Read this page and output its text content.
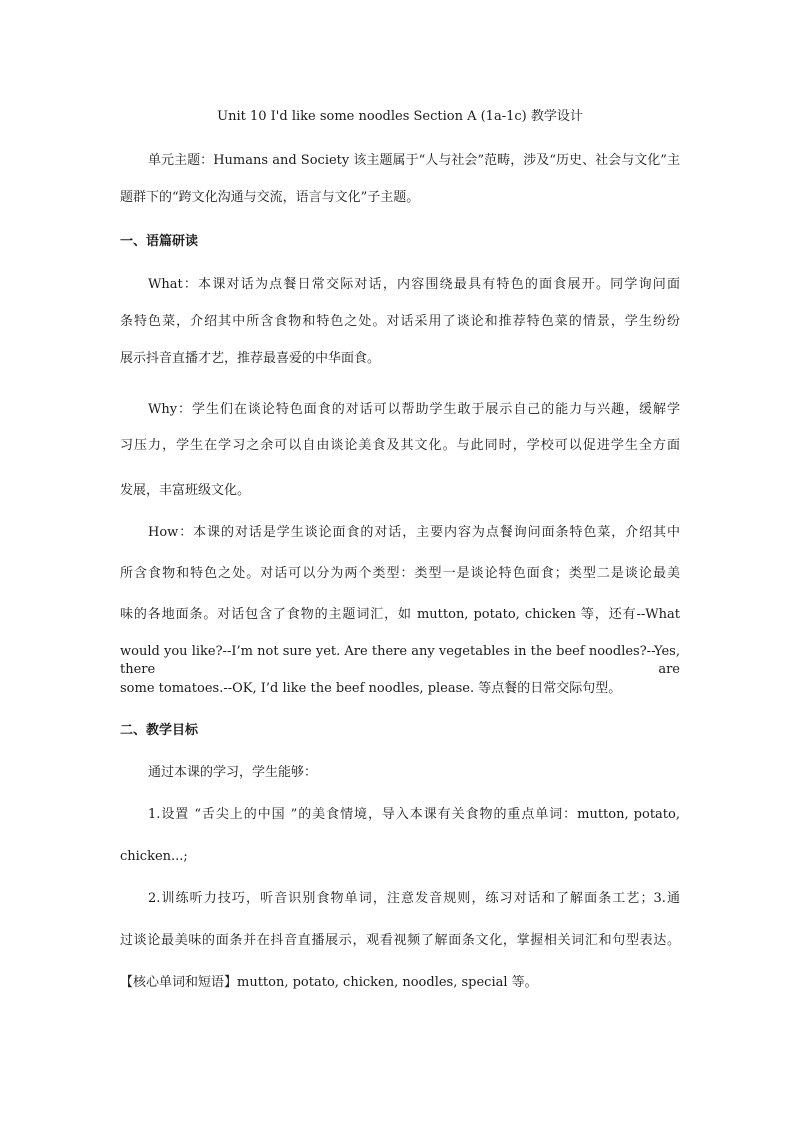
Unit 10 I'd like some noodles Section A (1a-1c) 教学设计
单元主题：Humans and Society 该主题属于“人与社会”范畴，涉及“历史、社会与文化”主
题群下的“跨文化沟通与交流，语言与文化”子主题。
一、语篇研读
What：本课对话为点餐日常交际对话，内容围绕最具有特色的面食展开。同学询问面
条特色菜，介绍其中所含食物和特色之处。对话采用了谈论和推荐特色菜的情景，学生纷纷
展示抖音直播才艺，推荐最喜爱的中华面食。
Why：学生们在谈论特色面食的对话可以帮助学生敢于展示自己的能力与兴趣，缓解学
习压力，学生在学习之余可以自由谈论美食及其文化。与此同时，学校可以促进学生全方面
发展，丰富班级文化。
How：本课的对话是学生谈论面食的对话，主要内容为点餐询问面条特色菜，介绍其中
所含食物和特色之处。对话可以分为两个类型：类型一是谈论特色面食；类型二是谈论最美
味的各地面条。对话包含了食物的主题词汇，如 mutton, potato, chicken 等，还有--What
would you like?--I’m not sure yet. Are there any vegetables in the beef noodles?--Yes, there are
some tomatoes.--OK, I’d like the beef noodles, please. 等点餐的日常交际句型。
二、教学目标
通过本课的学习，学生能够：
1.设置 “舌尖上的中国 ”的美食情境，导入本课有关食物的重点单词：mutton, potato,
chicken...;
2.训练听力技巧，听音识别食物单词，注意发音规则，练习对话和了解面条工艺；3.通
过谈论最美味的面条并在抖音直播展示，观看视频了解面条文化，掌握相关词汇和句型表达。
【核心单词和短语】mutton, potato, chicken, noodles, special 等。
